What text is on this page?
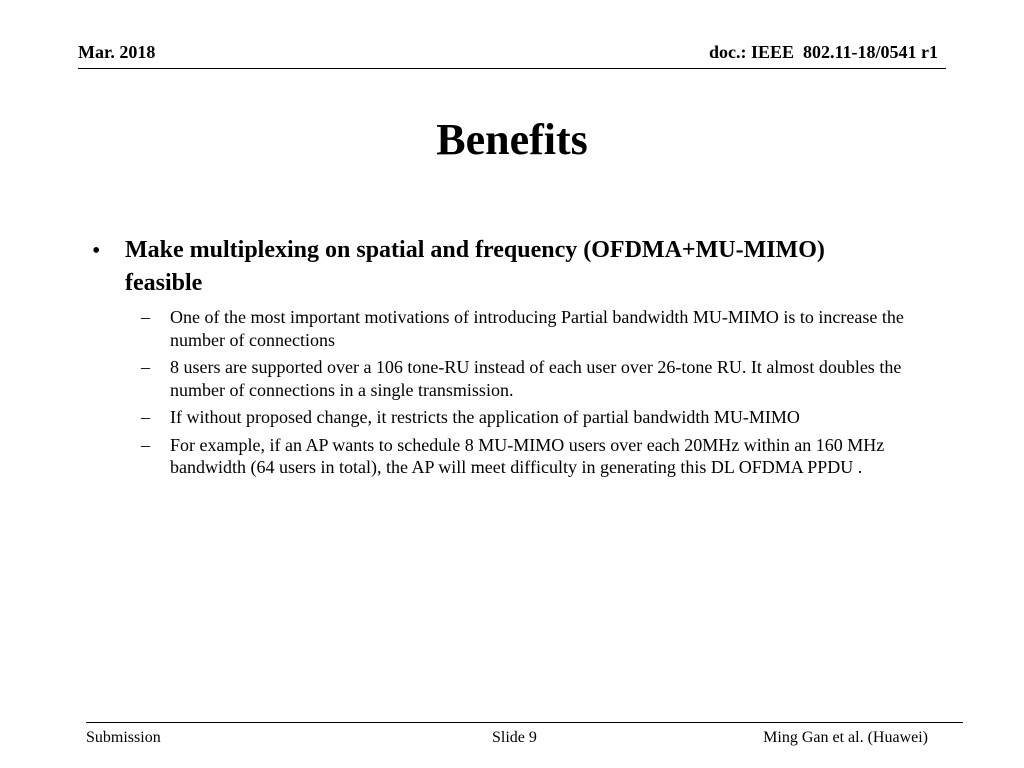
Mar. 2018	doc.: IEEE  802.11-18/0541 r1
Benefits
• Make multiplexing on spatial and frequency (OFDMA+MU-MIMO) feasible
– One of the most important motivations of introducing Partial bandwidth MU-MIMO is to increase the number of connections
– 8 users are supported over a 106 tone-RU instead of each user over 26-tone RU. It almost doubles the number of connections in a single transmission.
– If without proposed change, it restricts the application of partial bandwidth MU-MIMO
– For example, if an AP wants to schedule 8 MU-MIMO users over each 20MHz within an 160 MHz bandwidth (64 users in total), the AP will meet difficulty in generating this DL OFDMA PPDU .
Submission	Slide 9	Ming Gan et al. (Huawei)
